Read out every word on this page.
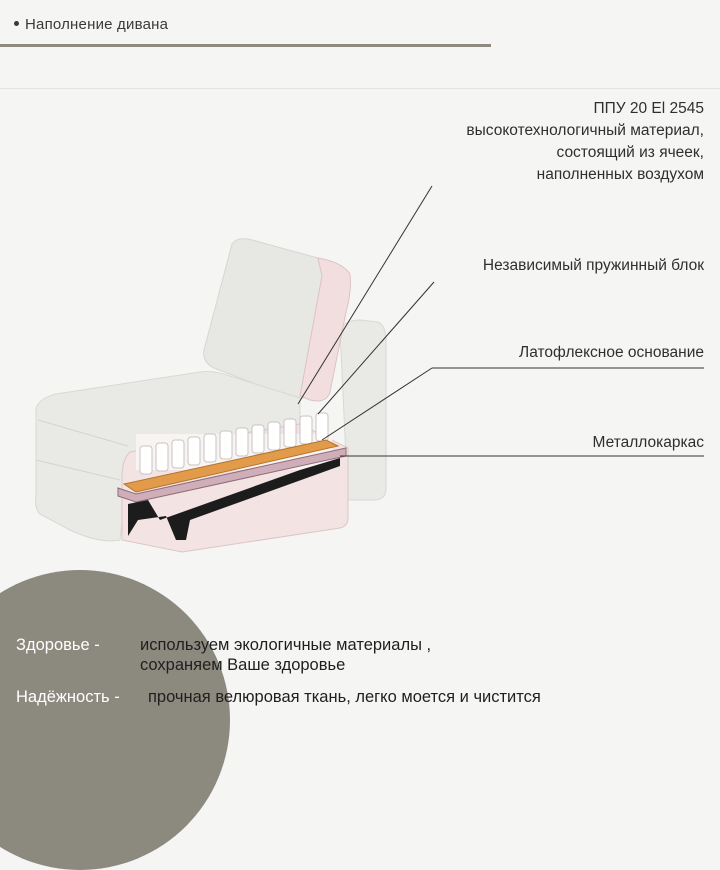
Наполнение дивана
ППУ 20 El 2545
высокотехнологичный материал,
состоящий из ячеек,
наполненных воздухом
Независимый пружинный блок
Латофлексное основание
Металлокаркас
Здоровье - используем экологичные материалы ,
сохраняем Ваше здоровье
Надёжность - прочная велюровая ткань, легко моется и чистится
